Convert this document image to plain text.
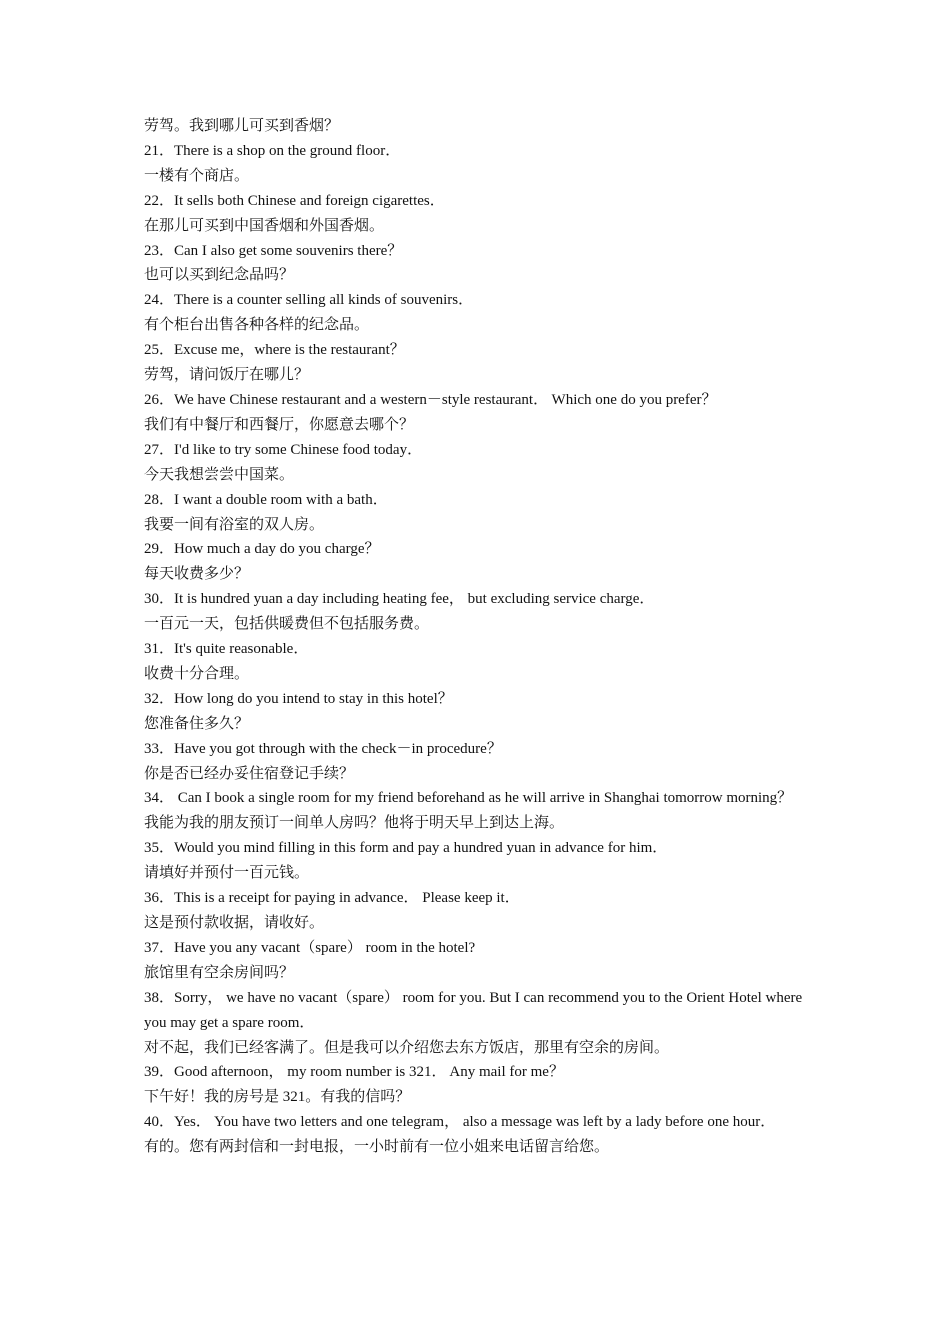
劳驾。我到哪儿可买到香烟？

21．There is a shop on the ground floor．

一楼有个商店。

22．It sells both Chinese and foreign cigarettes．

在那儿可买到中国香烟和外国香烟。

23．Can I also get some souvenirs there？

也可以买到纪念品吗？

24．There is a counter selling all kinds of souvenirs．

有个柜台出售各种各样的纪念品。

25．Excuse me，where is the restaurant？

劳驾，请问饭厅在哪儿？

26．We have Chinese restaurant and a western－style restaurant． Which one do you prefer？

我们有中餐厅和西餐厅，你愿意去哪个？

27．I'd like to try some Chinese food today．

今天我想尝尝中国菜。

28．I want a double room with a bath．

我要一间有浴室的双人房。

29．How much a day do you charge？

每天收费多少？

30．It is hundred yuan a day including heating fee， but excluding service charge．

一百元一天，包括供暖费但不包括服务费。

31．It's quite reasonable．

收费十分合理。

32．How long do you intend to stay in this hotel？

您准备住多久？

33．Have you got through with the check－in procedure？

你是否已经办妥住宿登记手续？

34． Can I book a single room for my friend beforehand as he will arrive in Shanghai tomorrow morning？

我能为我的朋友预订一间单人房吗？他将于明天早上到达上海。

35．Would you mind filling in this form and pay a hundred yuan in advance for him．

请填好并预付一百元钱。

36．This is a receipt for paying in advance． Please keep it．

这是预付款收据，请收好。

37．Have you any vacant（spare） room in the hotel?

旅馆里有空余房间吗？

38．Sorry， we have no vacant（spare） room for you. But I can recommend you to the Orient Hotel where you may get a spare room．

对不起，我们已经客满了。但是我可以介绍您去东方饭店，那里有空余的房间。

39．Good afternoon， my room number is 321． Any mail for me？

下午好！我的房号是 321。有我的信吗？

40．Yes． You have two letters and one telegram， also a message was left by a lady before one hour．

有的。您有两封信和一封电报，一小时前有一位小姐来电话留言给您。
